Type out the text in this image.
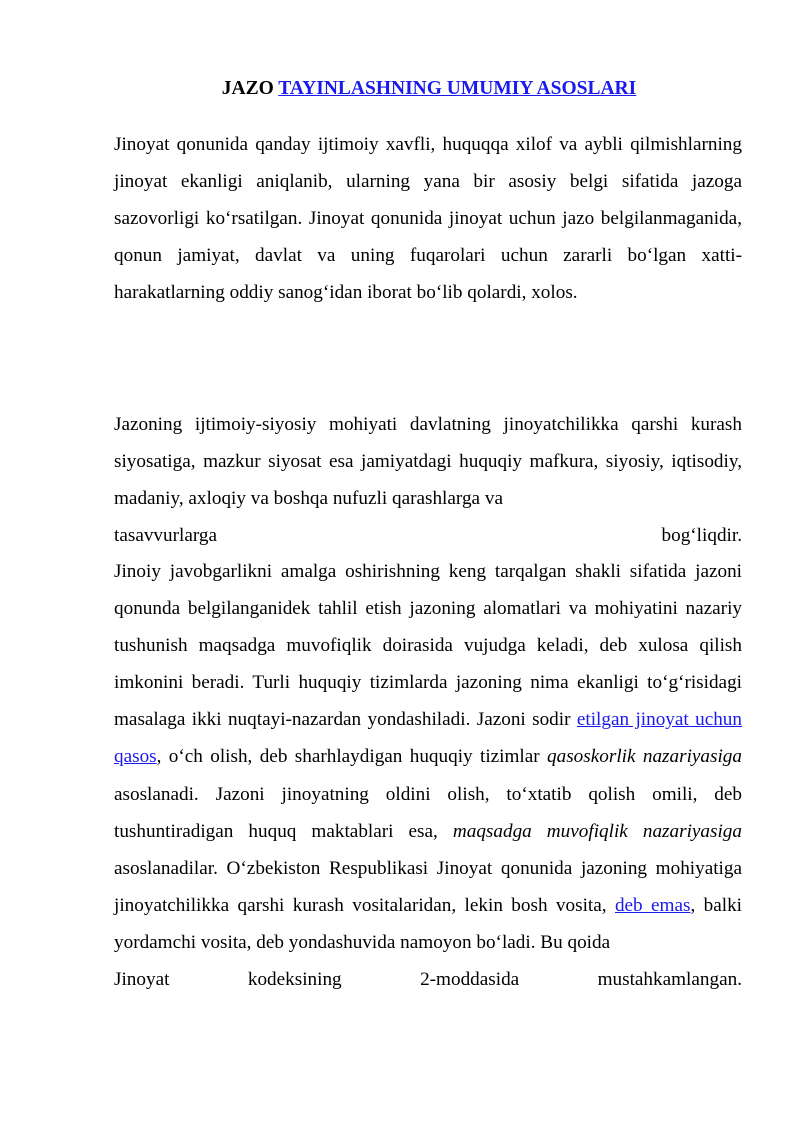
JAZO TAYINLASHNING UMUMIY ASOSLARI

Jinoyat qonunida qanday ijtimoiy xavfli, huquqqa xilof va aybli qilmishlarning jinoyat ekanligi aniqlanib, ularning yana bir asosiy belgi sifatida jazoga sazovorligi ko‘rsatilgan. Jinoyat qonunida jinoyat uchun jazo belgilanmaganida, qonun jamiyat, davlat va uning fuqarolari uchun zararli bo‘lgan xatti-harakatlarning oddiy sanog‘idan iborat bo‘lib qolardi, xolos.

Jazoning ijtimoiy-siyosiy mohiyati davlatning jinoyatchilikka qarshi kurash siyosatiga, mazkur siyosat esa jamiyatdagi huquqiy mafkura, siyosiy, iqtisodiy, madaniy, axloqiy va boshqa nufuzli qarashlarga va
tasavvurlarga	bog‘liqdir.
Jinoiy javobgarlikni amalga oshirishning keng tarqalgan shakli sifatida jazoni qonunda belgilanganidek tahlil etish jazoning alomatlari va mohiyatini nazariy tushunish maqsadga muvofiqlik doirasida vujudga keladi, deb xulosa qilish imkonini beradi. Turli huquqiy tizimlarda jazoning nima ekanligi to‘g‘risidagi masalaga ikki nuqtayi-nazardan yondashiladi. Jazoni sodir etilgan jinoyat uchun qasos, o‘ch olish, deb sharhlaydigan huquqiy tizimlar qasoskorlik nazariyasiga asoslanadi. Jazoni jinoyatning oldini olish, to‘xtatib qolish omili, deb tushuntiradigan huquq maktablari esa, maqsadga muvofiqlik nazariyasiga asoslanadilar. O‘zbekiston Respublikasi Jinoyat qonunida jazoning mohiyatiga jinoyatchilikka qarshi kurash vositalaridan, lekin bosh vosita, deb emas, balki yordamchi vosita, deb yondashuvida namoyon bo‘ladi. Bu qoida
Jinoyat	kodeksining	2-moddasida	mustahkamlangan.
